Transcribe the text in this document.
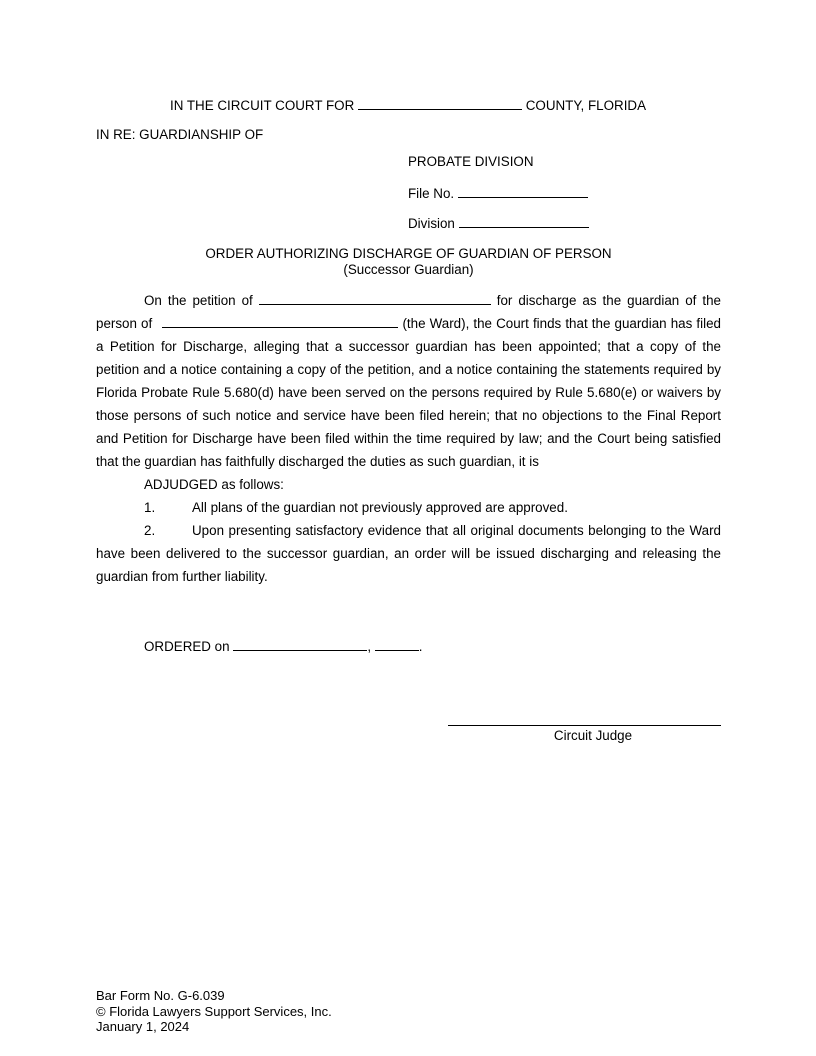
IN THE CIRCUIT COURT FOR	COUNTY, FLORIDA
IN RE: GUARDIANSHIP OF
PROBATE DIVISION
File No.
Division
ORDER AUTHORIZING DISCHARGE OF GUARDIAN OF PERSON
(Successor Guardian)

On the petition of	for discharge as the guardian of the person of	(the Ward), the Court finds that the guardian has filed a Petition for Discharge, alleging that a successor guardian has been appointed; that a copy of the petition and a notice containing a copy of the petition, and a notice containing the statements required by Florida Probate Rule 5.680(d) have been served on the persons required by Rule 5.680(e) or waivers by those persons of such notice and service have been filed herein; that no objections to the Final Report and Petition for Discharge have been filed within the time required by law; and the Court being satisfied that the guardian has faithfully discharged the duties as such guardian, it is

ADJUDGED as follows:
1.	All plans of the guardian not previously approved are approved.

2.	Upon presenting satisfactory evidence that all original documents belonging to the Ward have been delivered to the successor guardian, an order will be issued discharging and releasing the guardian from further liability.

ORDERED on	,	.
Circuit Judge
Bar Form No. G-6.039
© Florida Lawyers Support Services, Inc.
January 1, 2024
